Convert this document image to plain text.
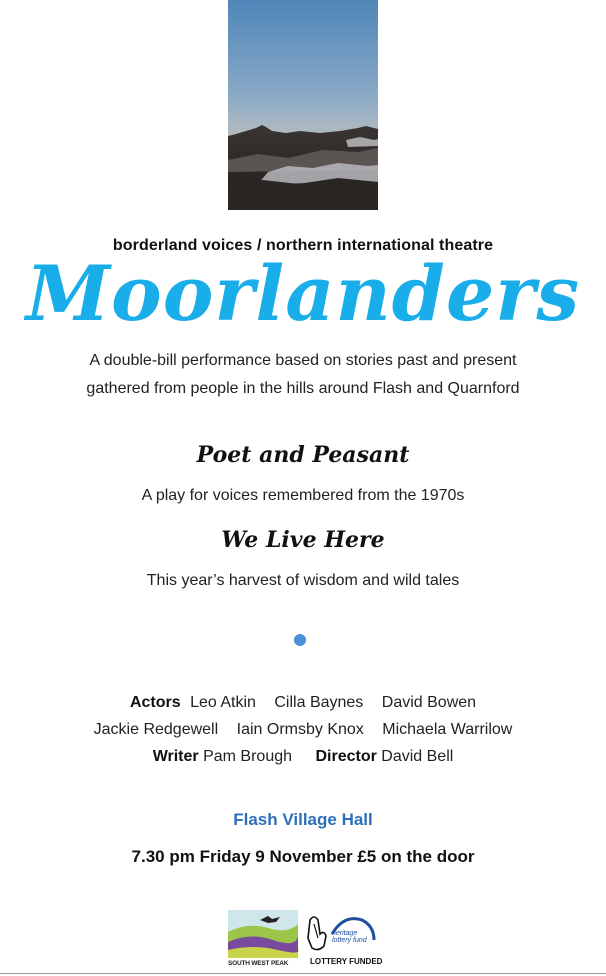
borderland voices / northern international theatre
Moorlanders
A double-bill performance based on stories past and present
gathered from people in the hills around Flash and Quarnford
Poet and Peasant
A play for voices remembered from the 1970s
We Live Here
This year’s harvest of wisdom and wild tales
Actors Leo Atkin Cilla Baynes David Bowen
Jackie Redgewell Iain Ormsby Knox Michaela Warrilow
Writer Pam Brough Director David Bell
Flash Village Hall
7.30 pm Friday 9 November £5 on the door
SOUTH WEST PEAK
heritage lottery fund
LOTTERY FUNDED
